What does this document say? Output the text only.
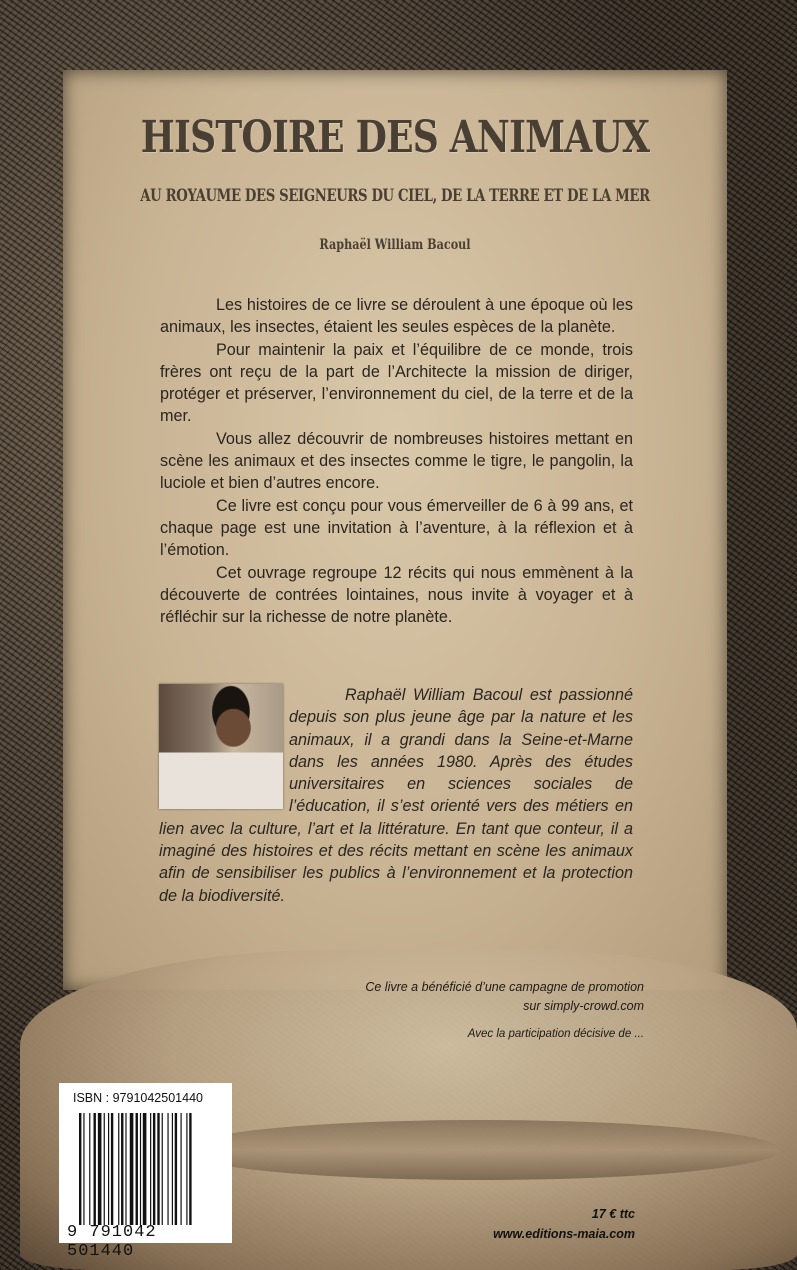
HISTOIRE DES ANIMAUX
AU ROYAUME DES SEIGNEURS DU CIEL, DE LA TERRE ET DE LA MER
Raphaël William Bacoul

Les histoires de ce livre se déroulent à une époque où les animaux, les insectes, étaient les seules espèces de la planète.

Pour maintenir la paix et l’équilibre de ce monde, trois frères ont reçu de la part de l’Architecte la mission de diriger, protéger et préserver, l’environnement du ciel, de la terre et de la mer.

Vous allez découvrir de nombreuses histoires mettant en scène les animaux et des insectes comme le tigre, le pangolin, la luciole et bien d’autres encore.

Ce livre est conçu pour vous émerveiller de 6 à 99 ans, et chaque page est une invitation à l’aventure, à la réflexion et à l’émotion.

Cet ouvrage regroupe 12 récits qui nous emmènent à la découverte de contrées lointaines, nous invite à voyager et à réfléchir sur la richesse de notre planète.

Raphaël William Bacoul est passionné depuis son plus jeune âge par la nature et les animaux, il a grandi dans la Seine-et-Marne dans les années 1980. Après des études universitaires en sciences sociales de l’éducation, il s’est orienté vers des métiers en lien avec la culture, l’art et la littérature. En tant que conteur, il a imaginé des histoires et des récits mettant en scène les animaux afin de sensibiliser les publics à l’environnement et la protection de la biodiversité.

Ce livre a bénéficié d’une campagne de promotion
sur simply-crowd.com
Avec la participation décisive de ...
ISBN : 9791042501440
9 791042 501440
17 € ttc
www.editions-maia.com
